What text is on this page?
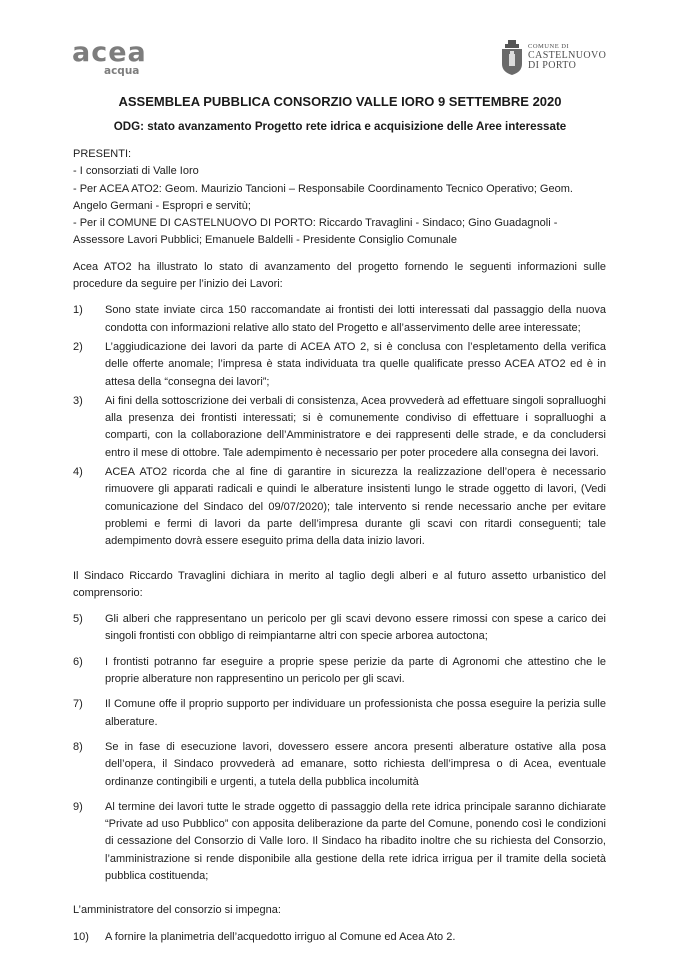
acea
acqua
COMUNE DI
CASTELNUOVO
DI PORTO
ASSEMBLEA PUBBLICA CONSORZIO VALLE IORO 9 SETTEMBRE 2020
ODG: stato avanzamento Progetto rete idrica e acquisizione delle Aree interessate

PRESENTI:

- I consorziati di Valle Ioro

- Per ACEA ATO2: Geom. Maurizio Tancioni – Responsabile Coordinamento Tecnico Operativo; Geom. Angelo Germani - Espropri e servitù;

- Per il COMUNE DI CASTELNUOVO DI PORTO: Riccardo Travaglini - Sindaco; Gino Guadagnoli - Assessore Lavori Pubblici; Emanuele Baldelli - Presidente Consiglio Comunale

Acea ATO2 ha illustrato lo stato di avanzamento del progetto fornendo le seguenti informazioni sulle procedure da seguire per l’inizio dei Lavori:

1) Sono state inviate circa 150 raccomandate ai frontisti dei lotti interessati dal passaggio della nuova condotta con informazioni relative allo stato del Progetto e all’asservimento delle aree interessate;
2) L’aggiudicazione dei lavori da parte di ACEA ATO 2, si è conclusa con l’espletamento della verifica delle offerte anomale; l’impresa è stata individuata tra quelle qualificate presso ACEA ATO2 ed è in attesa della “consegna dei lavori”;
3) Ai fini della sottoscrizione dei verbali di consistenza, Acea provvederà ad effettuare singoli sopralluoghi alla presenza dei frontisti interessati; si è comunemente condiviso di effettuare i sopralluoghi a comparti, con la collaborazione dell’Amministratore e dei rappresenti delle strade, e da concludersi entro il mese di ottobre. Tale adempimento è necessario per poter procedere alla consegna dei lavori.
4) ACEA ATO2 ricorda che al fine di garantire in sicurezza la realizzazione dell’opera è necessario rimuovere gli apparati radicali e quindi le alberature insistenti lungo le strade oggetto di lavori, (Vedi comunicazione del Sindaco del 09/07/2020); tale intervento si rende necessario anche per evitare problemi e fermi di lavori da parte dell’impresa durante gli scavi con ritardi conseguenti; tale adempimento dovrà essere eseguito prima della data inizio lavori.

Il Sindaco Riccardo Travaglini dichiara in merito al taglio degli alberi e al futuro assetto urbanistico del comprensorio:

5) Gli alberi che rappresentano un pericolo per gli scavi devono essere rimossi con spese a carico dei singoli frontisti con obbligo di reimpiantarne altri con specie arborea autoctona;
6) I frontisti potranno far eseguire a proprie spese perizie da parte di Agronomi che attestino che le proprie alberature non rappresentino un pericolo per gli scavi.
7) Il Comune offe il proprio supporto per individuare un professionista che possa eseguire la perizia sulle alberature.
8) Se in fase di esecuzione lavori, dovessero essere ancora presenti alberature ostative alla posa dell’opera, il Sindaco provvederà ad emanare, sotto richiesta dell’impresa o di Acea, eventuale ordinanze contingibili e urgenti, a tutela della pubblica incolumità
9) Al termine dei lavori tutte le strade oggetto di passaggio della rete idrica principale saranno dichiarate “Private ad uso Pubblico” con apposita deliberazione da parte del Comune, ponendo così le condizioni di cessazione del Consorzio di Valle Ioro. Il Sindaco ha ribadito inoltre che su richiesta del Consorzio, l’amministrazione si rende disponibile alla gestione della rete idrica irrigua per il tramite della società pubblica costituenda;

L’amministratore del consorzio si impegna:

10) A fornire la planimetria dell’acquedotto irriguo al Comune ed Acea Ato 2.
